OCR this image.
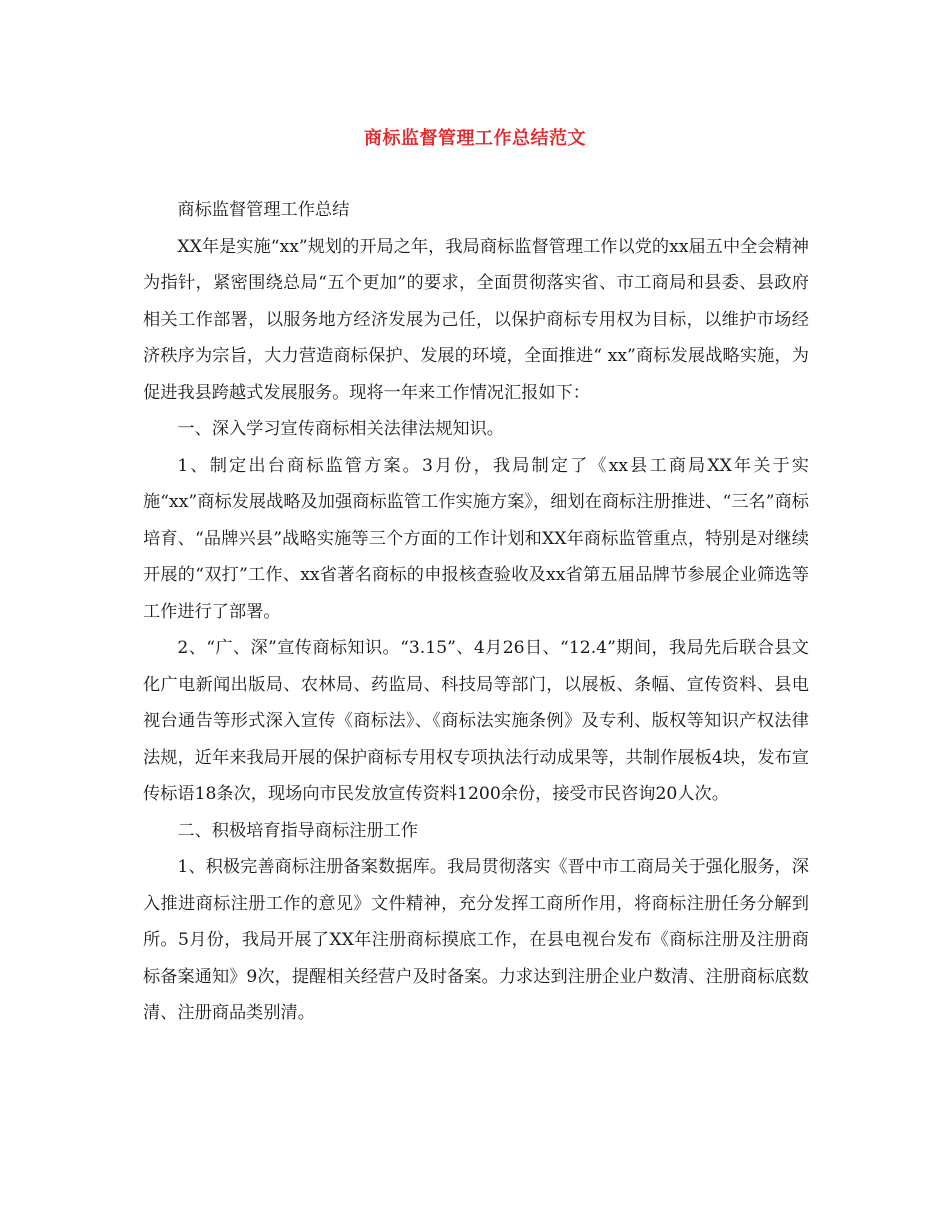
商标监督管理工作总结范文

商标监督管理工作总结

XX年是实施“xx”规划的开局之年，我局商标监督管理工作以党的xx届五中全会精神为指针，紧密围绕总局“五个更加”的要求，全面贯彻落实省、市工商局和县委、县政府相关工作部署，以服务地方经济发展为己任，以保护商标专用权为目标，以维护市场经济秩序为宗旨，大力营造商标保护、发展的环境，全面推进“ xx”商标发展战略实施，为促进我县跨越式发展服务。现将一年来工作情况汇报如下：

一、深入学习宣传商标相关法律法规知识。

1、制定出台商标监管方案。3月份，我局制定了《xx县工商局XX年关于实施“xx”商标发展战略及加强商标监管工作实施方案》，细划在商标注册推进、“三名”商标培育、“品牌兴县”战略实施等三个方面的工作计划和XX年商标监管重点，特别是对继续开展的“双打”工作、xx省著名商标的申报核查验收及xx省第五届品牌节参展企业筛选等工作进行了部署。

2、“广、深”宣传商标知识。“3.15”、4月26日、“12.4”期间，我局先后联合县文化广电新闻出版局、农林局、药监局、科技局等部门，以展板、条幅、宣传资料、县电视台通告等形式深入宣传《商标法》、《商标法实施条例》及专利、版权等知识产权法律法规，近年来我局开展的保护商标专用权专项执法行动成果等，共制作展板4块，发布宣传标语18条次，现场向市民发放宣传资料1200余份，接受市民咨询20人次。

二、积极培育指导商标注册工作

1、积极完善商标注册备案数据库。我局贯彻落实《晋中市工商局关于强化服务，深入推进商标注册工作的意见》文件精神，充分发挥工商所作用，将商标注册任务分解到所。5月份，我局开展了XX年注册商标摸底工作，在县电视台发布《商标注册及注册商标备案通知》9次，提醒相关经营户及时备案。力求达到注册企业户数清、注册商标底数清、注册商品类别清。
